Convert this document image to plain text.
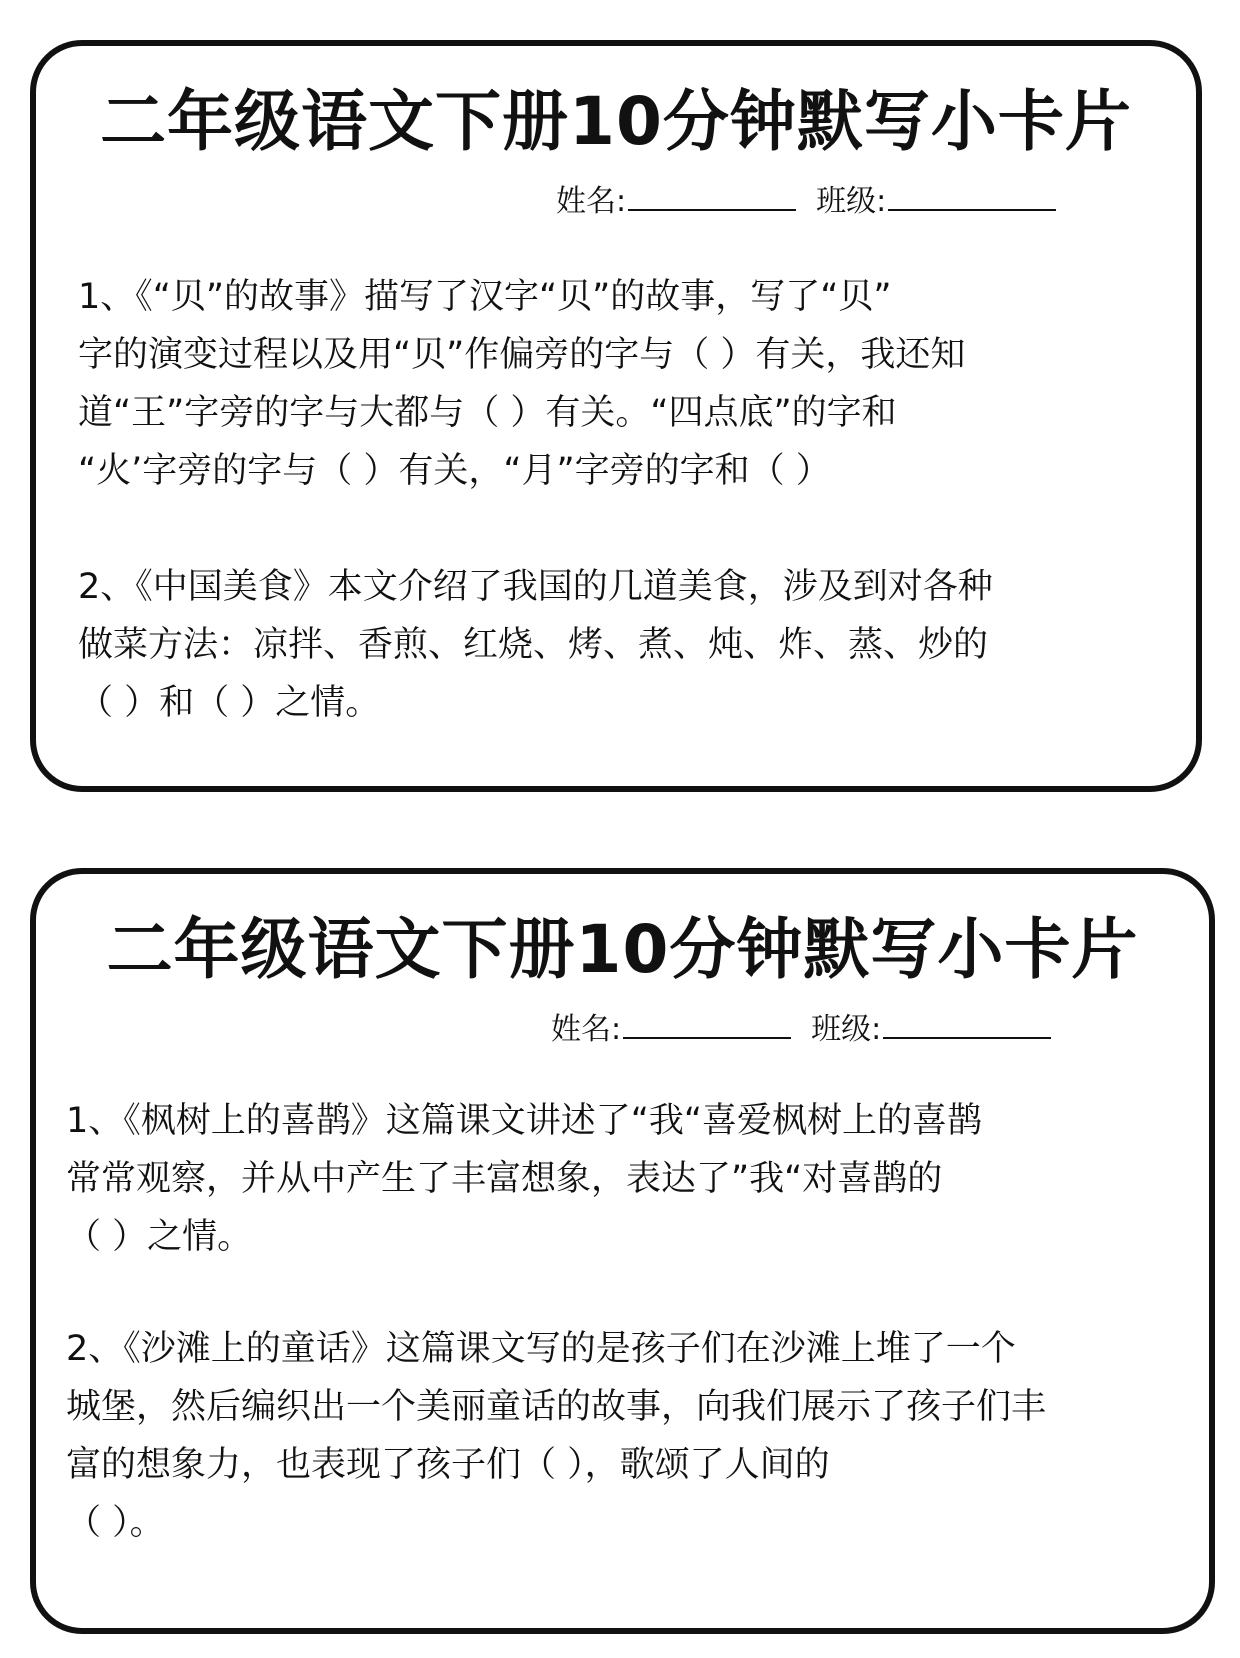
二年级语文下册10分钟默写小卡片
姓名:	班级:

1、《“贝”的故事》描写了汉字“贝”的故事，写了“贝”
字的演变过程以及用“贝”作偏旁的字与（ ）有关，我还知
道“王”字旁的字与大都与（ ）有关。“四点底”的字和
“火’字旁的字与（ ）有关，“月”字旁的字和（ ）

2、《中国美食》本文介绍了我国的几道美食，涉及到对各种
做菜方法：凉拌、香煎、红烧、烤、煮、炖、炸、蒸、炒的
（ ）和（ ）之情。

二年级语文下册10分钟默写小卡片
姓名:	班级:

1、《枫树上的喜鹊》这篇课文讲述了“我“喜爱枫树上的喜鹊
常常观察，并从中产生了丰富想象，表达了”我“对喜鹊的
（ ）之情。

2、《沙滩上的童话》这篇课文写的是孩子们在沙滩上堆了一个
城堡，然后编织出一个美丽童话的故事，向我们展示了孩子们丰
富的想象力，也表现了孩子们（ ），歌颂了人间的
（ ）。
